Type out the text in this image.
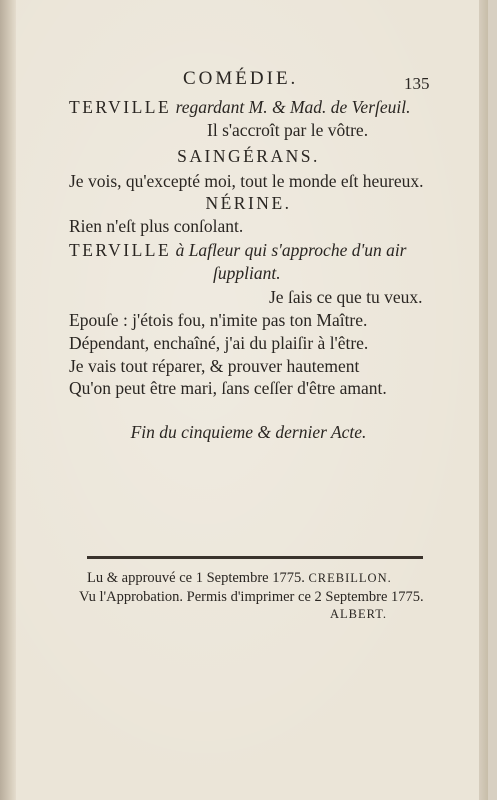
COMÉDIE.	135
TERVILLE regardant M. & Mad. de Verſeuil.
Il s'accroît par le vôtre.
SAINGÉRANS.
Je vois, qu'excepté moi, tout le monde eſt heureux.
NÉRINE.
Rien n'eſt plus conſolant.
TERVILLE à Lafleur qui s'approche d'un air
ſuppliant.
Je ſais ce que tu veux.
Epouſe : j'étois fou, n'imite pas ton Maître.
Dépendant, enchaîné, j'ai du plaiſir à l'être.
Je vais tout réparer, & prouver hautement
Qu'on peut être mari, ſans ceſſer d'être amant.
Fin du cinquieme & dernier Acte.
Lu & approuvé ce 1 Septembre 1775. CREBILLON.
Vu l'Approbation. Permis d'imprimer ce 2 Septembre 1775.
ALBERT.
